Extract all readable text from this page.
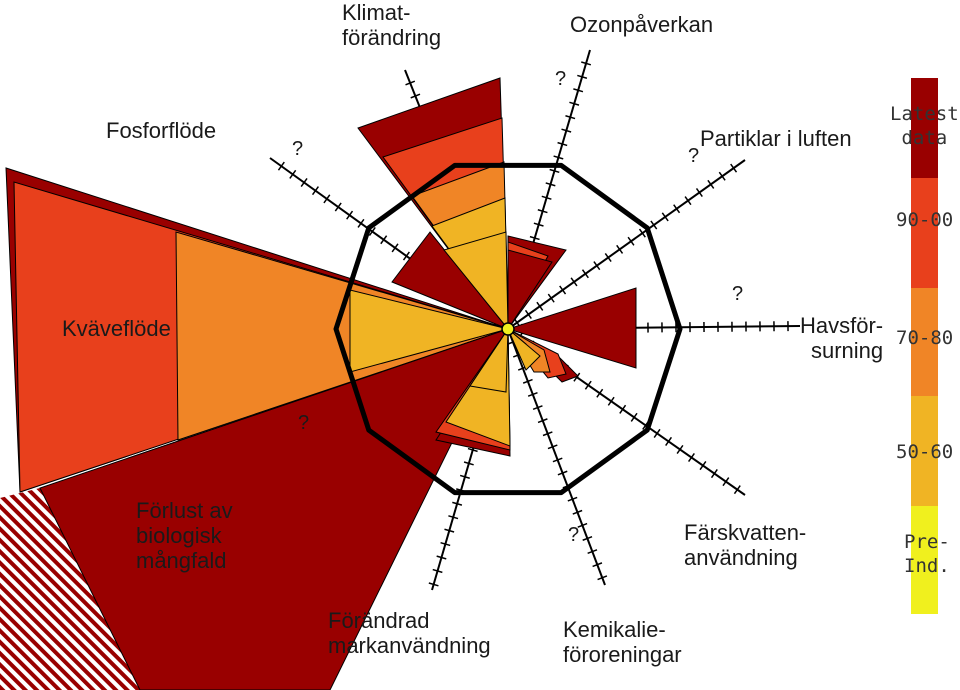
Klimat-
förändring
Ozonpåverkan
Partiklar i luften
Fosforflöde
Kväveflöde	Havsför-
surning
Förlust av
biologisk
mångfald
Färskvatten-
användning
Förändrad
markanvändning
Kemikalie-
föroreningar
?
?
?
?
?
?
Latest
data
90-00
70-80
50-60
Pre-
Ind.
